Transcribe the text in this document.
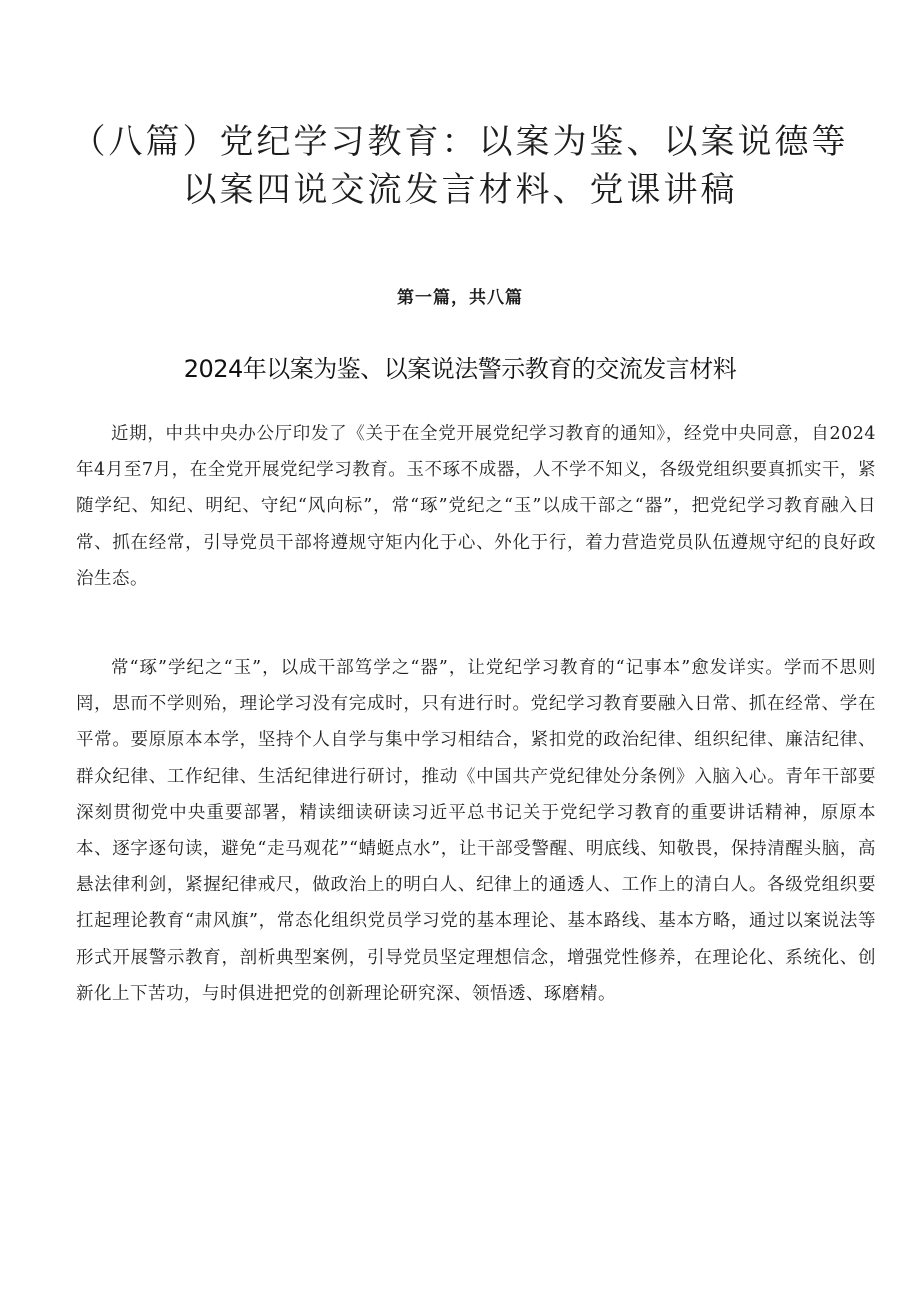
（八篇）党纪学习教育：以案为鉴、以案说德等以案四说交流发言材料、党课讲稿

第一篇，共八篇

2024年以案为鉴、以案说法警示教育的交流发言材料

近期，中共中央办公厅印发了《关于在全党开展党纪学习教育的通知》，经党中央同意，自2024年4月至7月，在全党开展党纪学习教育。玉不琢不成器，人不学不知义，各级党组织要真抓实干，紧随学纪、知纪、明纪、守纪“风向标”，常“琢”党纪之“玉”以成干部之“器”，把党纪学习教育融入日常、抓在经常，引导党员干部将遵规守矩内化于心、外化于行，着力营造党员队伍遵规守纪的良好政治生态。

常“琢”学纪之“玉”，以成干部笃学之“器”，让党纪学习教育的“记事本”愈发详实。学而不思则罔，思而不学则殆，理论学习没有完成时，只有进行时。党纪学习教育要融入日常、抓在经常、学在平常。要原原本本学，坚持个人自学与集中学习相结合，紧扣党的政治纪律、组织纪律、廉洁纪律、群众纪律、工作纪律、生活纪律进行研讨，推动《中国共产党纪律处分条例》入脑入心。青年干部要深刻贯彻党中央重要部署，精读细读研读习近平总书记关于党纪学习教育的重要讲话精神，原原本本、逐字逐句读，避免“走马观花”“蜻蜓点水”，让干部受警醒、明底线、知敬畏，保持清醒头脑，高悬法律利剑，紧握纪律戒尺，做政治上的明白人、纪律上的通透人、工作上的清白人。各级党组织要扛起理论教育“肃风旗”，常态化组织党员学习党的基本理论、基本路线、基本方略，通过以案说法等形式开展警示教育，剖析典型案例，引导党员坚定理想信念，增强党性修养，在理论化、系统化、创新化上下苦功，与时俱进把党的创新理论研究深、领悟透、琢磨精。
